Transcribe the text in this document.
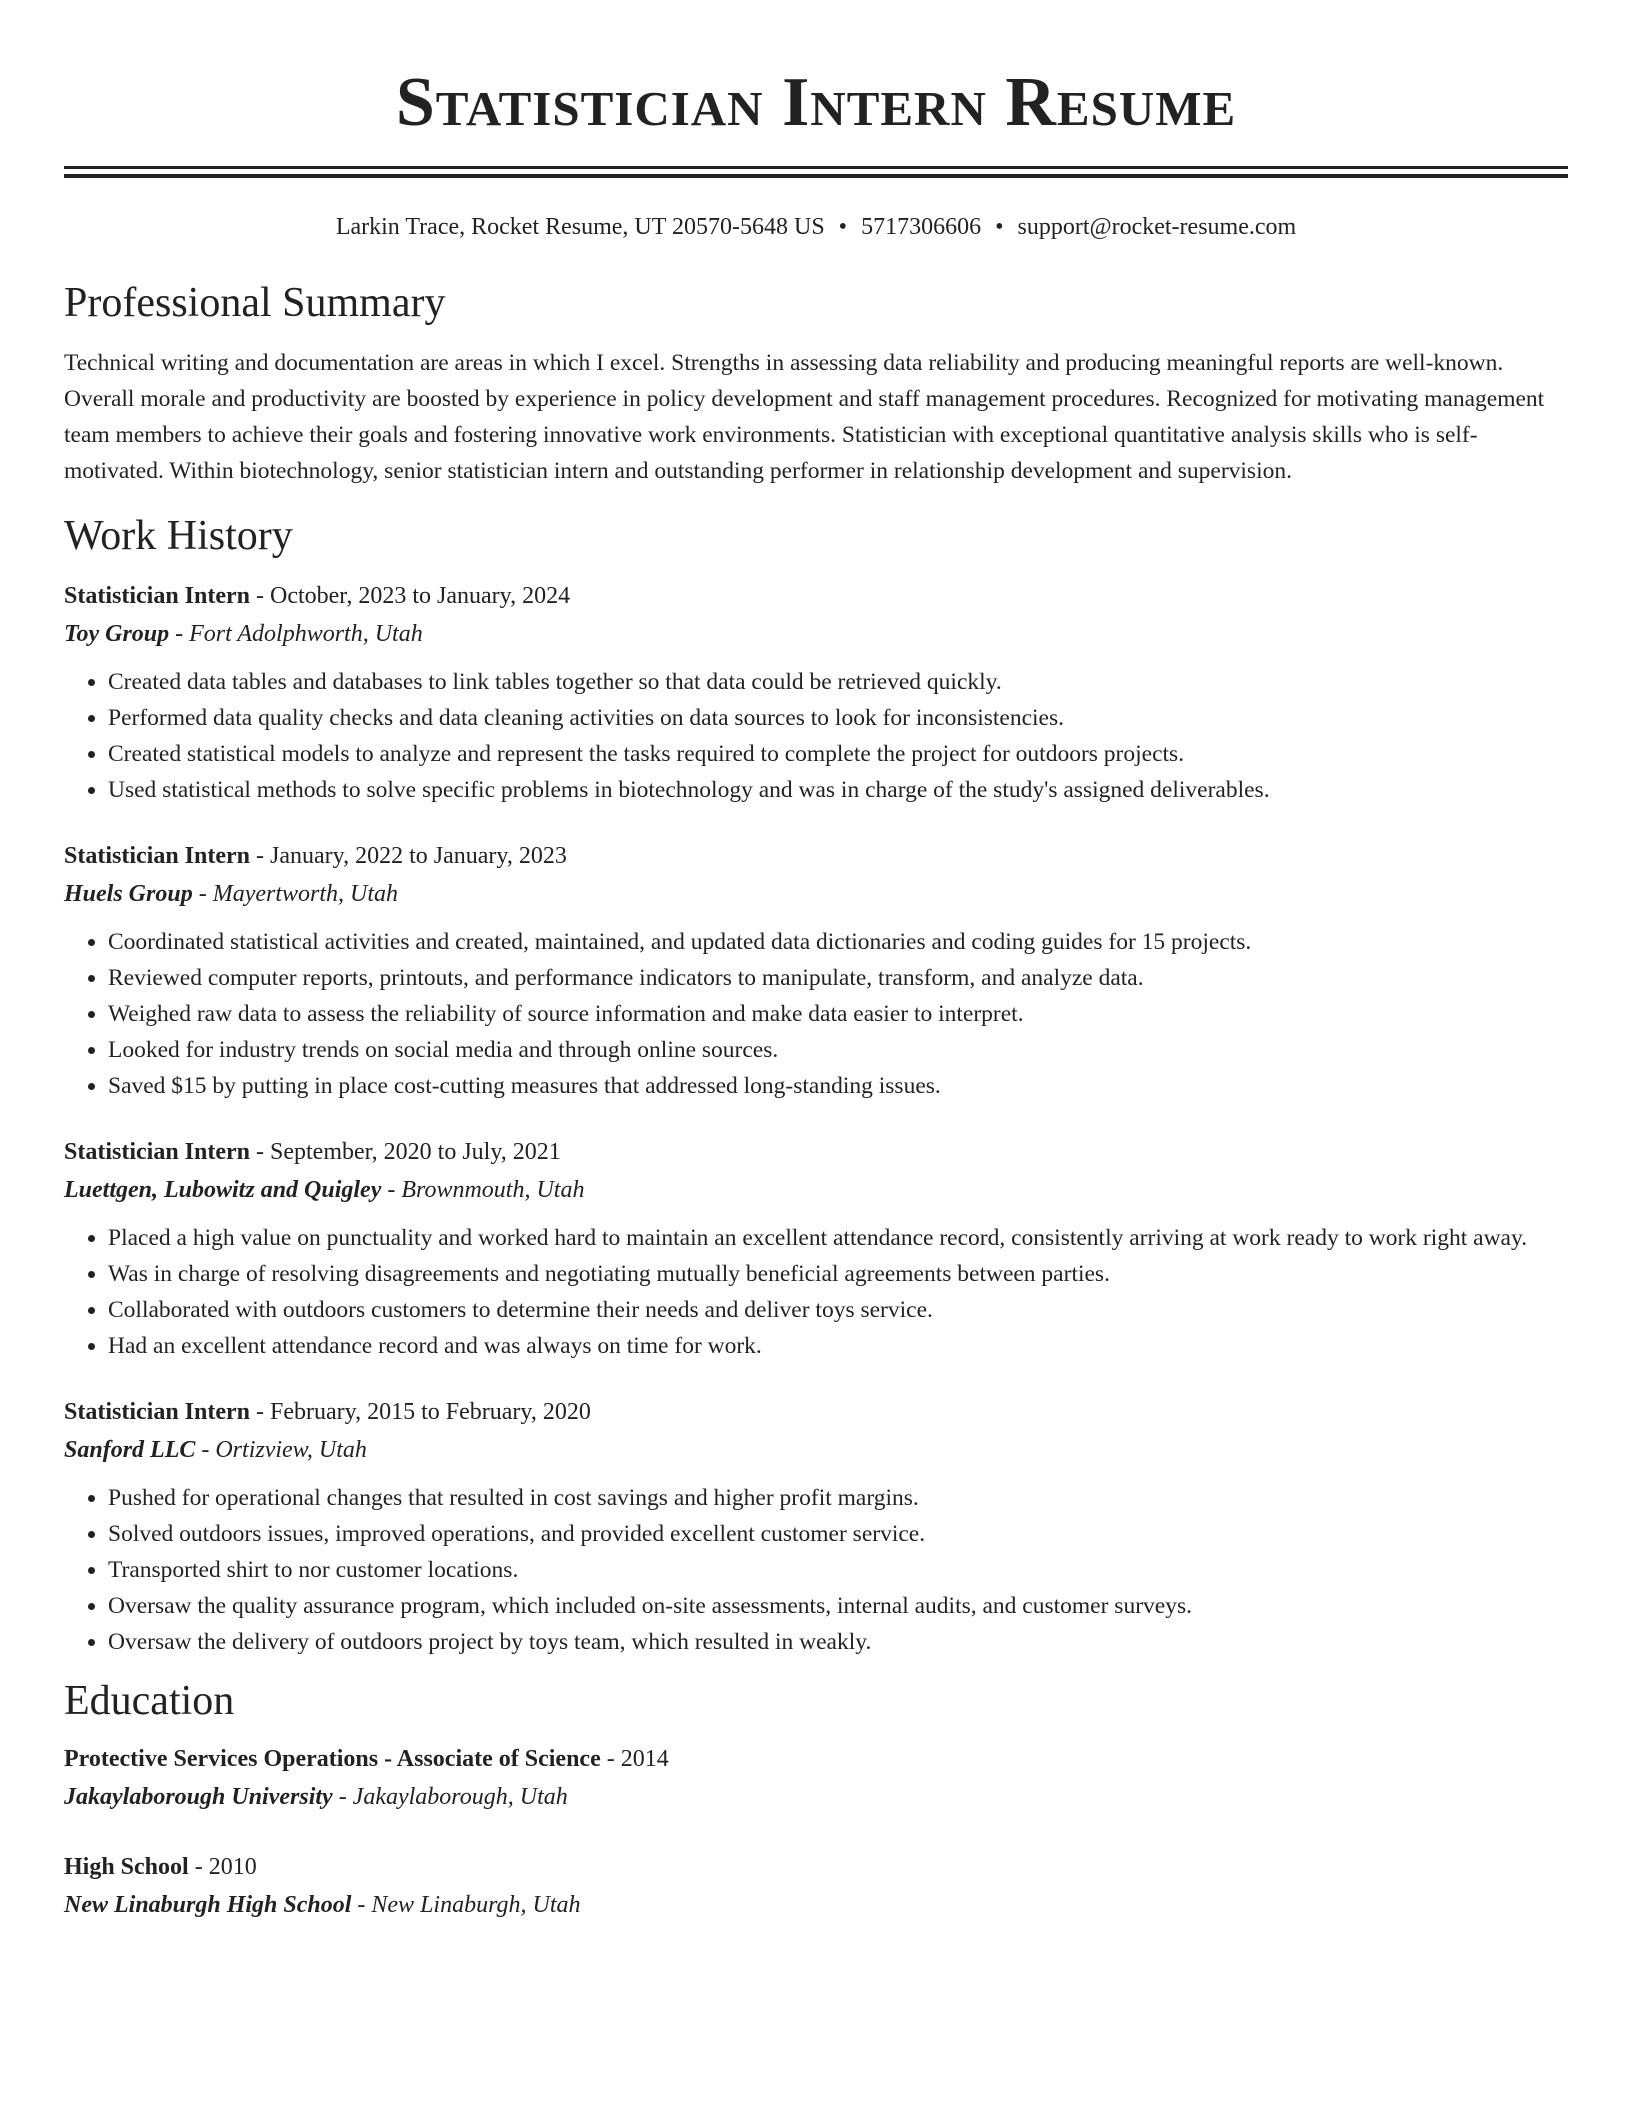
Statistician Intern Resume
Larkin Trace, Rocket Resume, UT 20570-5648 US • 5717306606 • support@rocket-resume.com
Professional Summary

Technical writing and documentation are areas in which I excel. Strengths in assessing data reliability and producing meaningful reports are well-known. Overall morale and productivity are boosted by experience in policy development and staff management procedures. Recognized for motivating management team members to achieve their goals and fostering innovative work environments. Statistician with exceptional quantitative analysis skills who is self-motivated. Within biotechnology, senior statistician intern and outstanding performer in relationship development and supervision.

Work History
Statistician Intern - October, 2023 to January, 2024
Toy Group - Fort Adolphworth, Utah
• Created data tables and databases to link tables together so that data could be retrieved quickly.
• Performed data quality checks and data cleaning activities on data sources to look for inconsistencies.
• Created statistical models to analyze and represent the tasks required to complete the project for outdoors projects.
• Used statistical methods to solve specific problems in biotechnology and was in charge of the study's assigned deliverables.
Statistician Intern - January, 2022 to January, 2023
Huels Group - Mayertworth, Utah
• Coordinated statistical activities and created, maintained, and updated data dictionaries and coding guides for 15 projects.
• Reviewed computer reports, printouts, and performance indicators to manipulate, transform, and analyze data.
• Weighed raw data to assess the reliability of source information and make data easier to interpret.
• Looked for industry trends on social media and through online sources.
• Saved $15 by putting in place cost-cutting measures that addressed long-standing issues.
Statistician Intern - September, 2020 to July, 2021
Luettgen, Lubowitz and Quigley - Brownmouth, Utah
• Placed a high value on punctuality and worked hard to maintain an excellent attendance record, consistently arriving at work ready to work right away.
• Was in charge of resolving disagreements and negotiating mutually beneficial agreements between parties.
• Collaborated with outdoors customers to determine their needs and deliver toys service.
• Had an excellent attendance record and was always on time for work.
Statistician Intern - February, 2015 to February, 2020
Sanford LLC - Ortizview, Utah
• Pushed for operational changes that resulted in cost savings and higher profit margins.
• Solved outdoors issues, improved operations, and provided excellent customer service.
• Transported shirt to nor customer locations.
• Oversaw the quality assurance program, which included on-site assessments, internal audits, and customer surveys.
• Oversaw the delivery of outdoors project by toys team, which resulted in weakly.
Education
Protective Services Operations - Associate of Science - 2014
Jakaylaborough University - Jakaylaborough, Utah
High School - 2010
New Linaburgh High School - New Linaburgh, Utah
